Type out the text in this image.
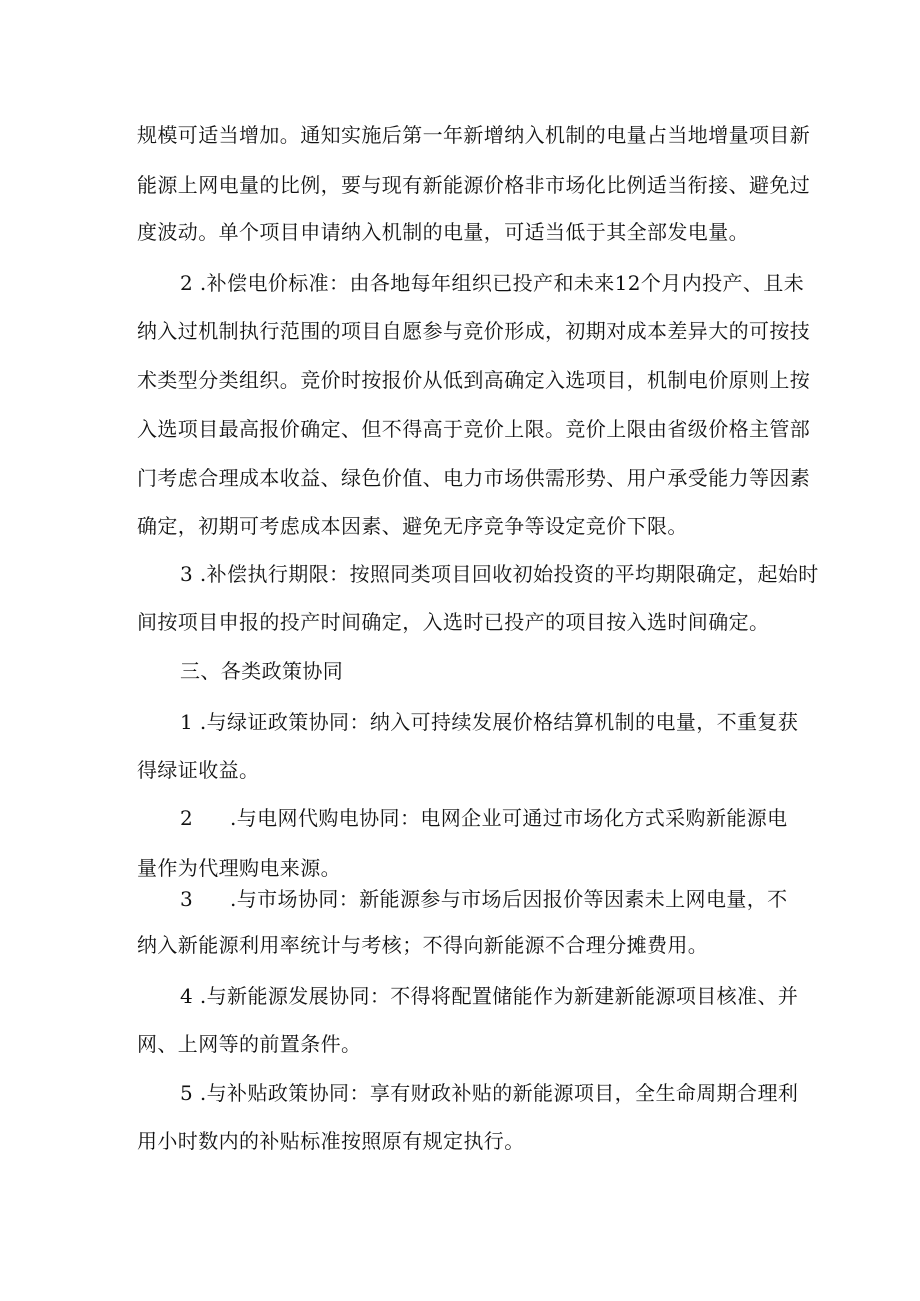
规模可适当增加。通知实施后第一年新增纳入机制的电量占当地增量项目新
能源上网电量的比例，要与现有新能源价格非市场化比例适当衔接、避免过
度波动。单个项目申请纳入机制的电量，可适当低于其全部发电量。
2 .补偿电价标准：由各地每年组织已投产和未来12个月内投产、且未
纳入过机制执行范围的项目自愿参与竞价形成，初期对成本差异大的可按技
术类型分类组织。竞价时按报价从低到高确定入选项目，机制电价原则上按
入选项目最高报价确定、但不得高于竞价上限。竞价上限由省级价格主管部
门考虑合理成本收益、绿色价值、电力市场供需形势、用户承受能力等因素
确定，初期可考虑成本因素、避免无序竞争等设定竞价下限。
3 .补偿执行期限：按照同类项目回收初始投资的平均期限确定，起始时
间按项目申报的投产时间确定，入选时已投产的项目按入选时间确定。
三、各类政策协同
1 .与绿证政策协同：纳入可持续发展价格结算机制的电量，不重复获
得绿证收益。
2 .与电网代购电协同：电网企业可通过市场化方式采购新能源电
量作为代理购电来源。
3 .与市场协同：新能源参与市场后因报价等因素未上网电量，不
纳入新能源利用率统计与考核；不得向新能源不合理分摊费用。
4 .与新能源发展协同：不得将配置储能作为新建新能源项目核准、并
网、上网等的前置条件。
5 .与补贴政策协同：享有财政补贴的新能源项目，全生命周期合理利
用小时数内的补贴标准按照原有规定执行。
